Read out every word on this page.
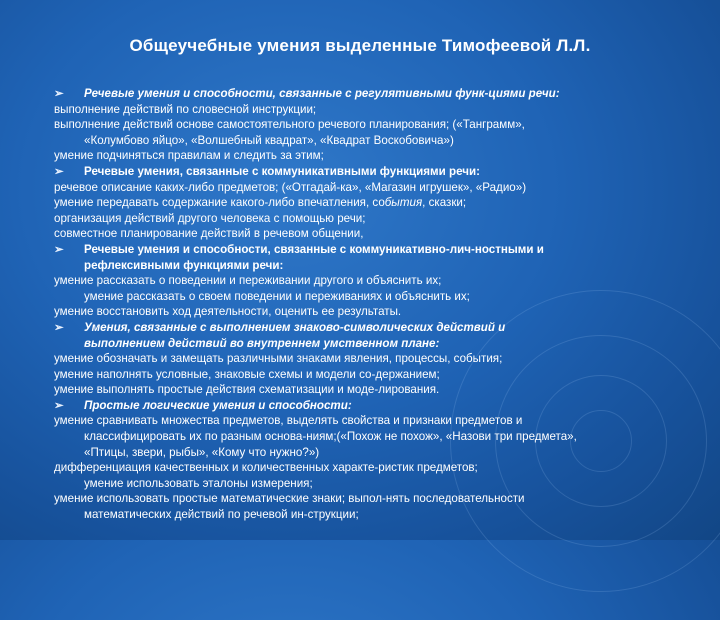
Общеучебные умения выделенные Тимофеевой Л.Л.
➢ Речевые умения и способности, связанные с регулятивными функ-циями речи:
выполнение действий по словесной инструкции;
выполнение действий основе самостоятельного речевого планирования; («Танграмм»,
«Колумбово яйцо», «Волшебный квадрат», «Квадрат Воскобовича»)
умение подчиняться правилам и следить за этим;
➢ Речевые умения, связанные с коммуникативными функциями речи:
речевое описание каких-либо предметов; («Отгадай-ка», «Магазин игрушек», «Радио»)
умение передавать содержание какого-либо впечатления, события, сказки;
организация действий другого человека с помощью речи;
совместное планирование действий в речевом общении,
➢ Речевые умения и способности, связанные с коммуникативно-лич-ностными и
рефлексивными функциями речи:
умение рассказать о поведении и переживании другого и объяснить их;
умение рассказать о своем поведении и переживаниях и объяснить их;
умение восстановить ход деятельности, оценить ее результаты.
➢ Умения, связанные с выполнением знаково-символических действий и
выполнением действий во внутреннем умственном плане:
умение обозначать и замещать различными знаками явления, процессы, события;
умение наполнять условные, знаковые схемы и модели со-держанием;
умение выполнять простые действия схематизации и моде-лирования.
➢ Простые логические умения и способности:
умение сравнивать множества предметов, выделять свойства и признаки предметов и
классифицировать их по разным основа-ниям;(«Похож не похож», «Назови три предмета»,
«Птицы, звери, рыбы», «Кому что нужно?»)
дифференциация качественных и количественных характе-ристик предметов;
умение использовать эталоны измерения;
умение использовать простые математические знаки; выпол-нять последовательности
математических действий по речевой ин-струкции;
